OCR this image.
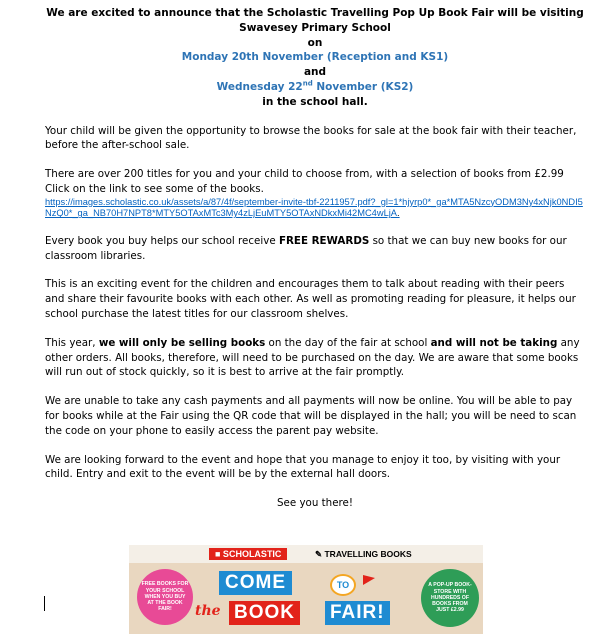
We are excited to announce that the Scholastic Travelling Pop Up Book Fair will be visiting
Swavesey Primary School
on
Monday 20th November (Reception and KS1)
and
Wednesday 22nd November (KS2)
in the school hall.

Your child will be given the opportunity to browse the books for sale at the book fair with their teacher, before the after-school sale.

There are over 200 titles for you and your child to choose from, with a selection of books from £2.99

Click on the link to see some of the books.

https://images.scholastic.co.uk/assets/a/87/4f/september-invite-tbf-2211957.pdf?_gl=1*hjyrp0*_ga*MTA5NzcyODM3Ny4xNjk0NDI5NzQ0*_ga_NB70H7NPT8*MTY5OTAxMTc3My4zLjEuMTY5OTAxNDkxMi42MC4wLjA.

Every book you buy helps our school receive FREE REWARDS so that we can buy new books for our classroom libraries.

This is an exciting event for the children and encourages them to talk about reading with their peers and share their favourite books with each other. As well as promoting reading for pleasure, it helps our school purchase the latest titles for our classroom shelves.

This year, we will only be selling books on the day of the fair at school and will not be taking any other orders. All books, therefore, will need to be purchased on the day. We are aware that some books will run out of stock quickly, so it is best to arrive at the fair promptly.

We are unable to take any cash payments and all payments will now be online. You will be able to pay for books while at the Fair using the QR code that will be displayed in the hall; you will be need to scan the code on your phone to easily access the parent pay website.

We are looking forward to the event and hope that you manage to enjoy it too, by visiting with your child. Entry and exit to the event will be by the external hall doors.

See you there!

■ SCHOLASTIC	✎ TRAVELLING BOOKS
FREE BOOKS FOR YOUR SCHOOL WHEN YOU BUY AT THE BOOK FAIR!
COME	TO
the BOOK FAIR!
A POP-UP BOOK-STORE WITH HUNDREDS OF BOOKS FROM JUST £2.99
